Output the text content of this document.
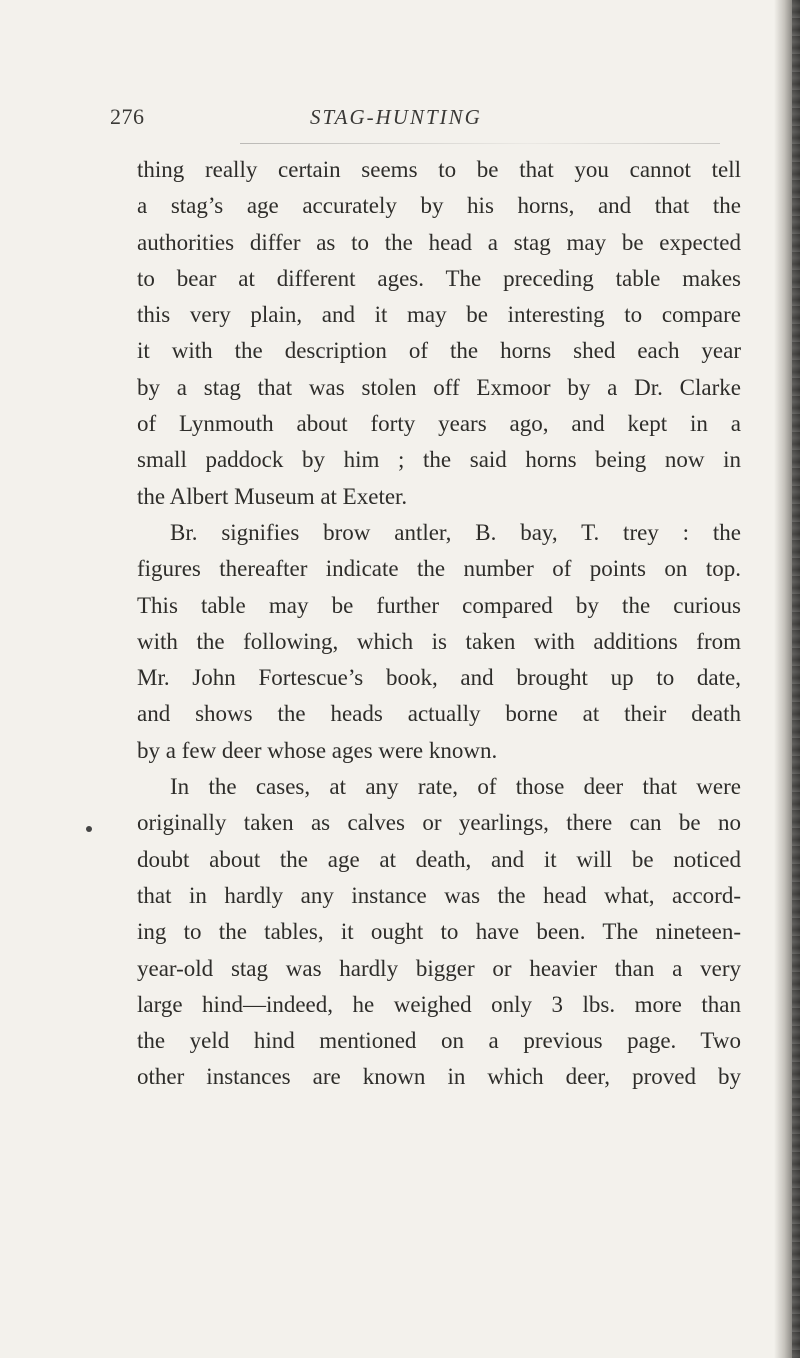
276	STAG-HUNTING
thing really certain seems to be that you cannot tell
a stag’s age accurately by his horns, and that the
authorities differ as to the head a stag may be expected
to bear at different ages. The preceding table makes
this very plain, and it may be interesting to compare
it with the description of the horns shed each year
by a stag that was stolen off Exmoor by a Dr. Clarke
of Lynmouth about forty years ago, and kept in a
small paddock by him ; the said horns being now in
the Albert Museum at Exeter.
Br. signifies brow antler, B. bay, T. trey : the
figures thereafter indicate the number of points on top.
This table may be further compared by the curious
with the following, which is taken with additions from
Mr. John Fortescue’s book, and brought up to date,
and shows the heads actually borne at their death
by a few deer whose ages were known.
In the cases, at any rate, of those deer that were
originally taken as calves or yearlings, there can be no
doubt about the age at death, and it will be noticed
that in hardly any instance was the head what, accord-
ing to the tables, it ought to have been. The nineteen-
year-old stag was hardly bigger or heavier than a very
large hind—indeed, he weighed only 3 lbs. more than
the yeld hind mentioned on a previous page. Two
other instances are known in which deer, proved by
